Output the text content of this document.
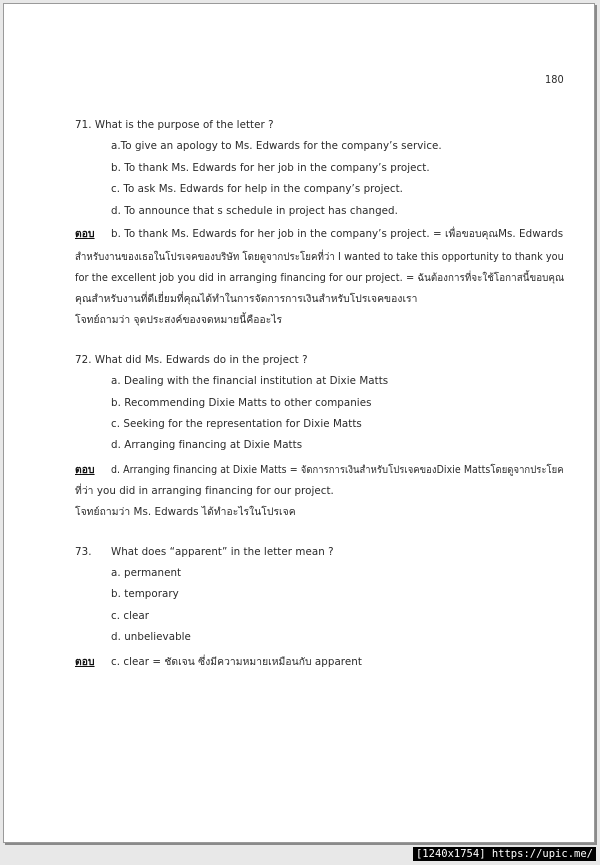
180
71. What is the purpose of the letter ?
a.To give an apology to Ms. Edwards for the company’s service.
b. To thank Ms. Edwards for her job in the company’s project.
c. To ask Ms. Edwards for help in the company’s project.
d. To announce that s schedule in project has changed.
ตอบ b. To thank Ms. Edwards for her job in the company’s project. = เพื่อขอบคุณMs. Edwards
สำหรับงานของเธอในโปรเจคของบริษัท โดยดูจากประโยคที่ว่า I wanted to take this opportunity to thank you
for the excellent job you did in arranging financing for our project. = ฉันต้องการที่จะใช้โอกาสนี้ขอบคุณ
คุณสำหรับงานที่ดีเยี่ยมที่คุณได้ทำในการจัดการการเงินสำหรับโปรเจคของเรา
โจทย์ถามว่า จุดประสงค์ของจดหมายนี้คืออะไร
72. What did Ms. Edwards do in the project ?
a. Dealing with the financial institution at Dixie Matts
b. Recommending Dixie Matts to other companies
c. Seeking for the representation for Dixie Matts
d. Arranging financing at Dixie Matts
ตอบ d. Arranging financing at Dixie Matts = จัดการการเงินสำหรับโปรเจคของDixie Mattsโดยดูจากประโยค
ที่ว่า you did in arranging financing for our project.
โจทย์ถามว่า Ms. Edwards ได้ทำอะไรในโปรเจค
73. What does “apparent” in the letter mean ?
a. permanent
b. temporary
c. clear
d. unbelievable
ตอบ c. clear = ชัดเจน ซึ่งมีความหมายเหมือนกับ apparent
[1240x1754] https://upic.me/
